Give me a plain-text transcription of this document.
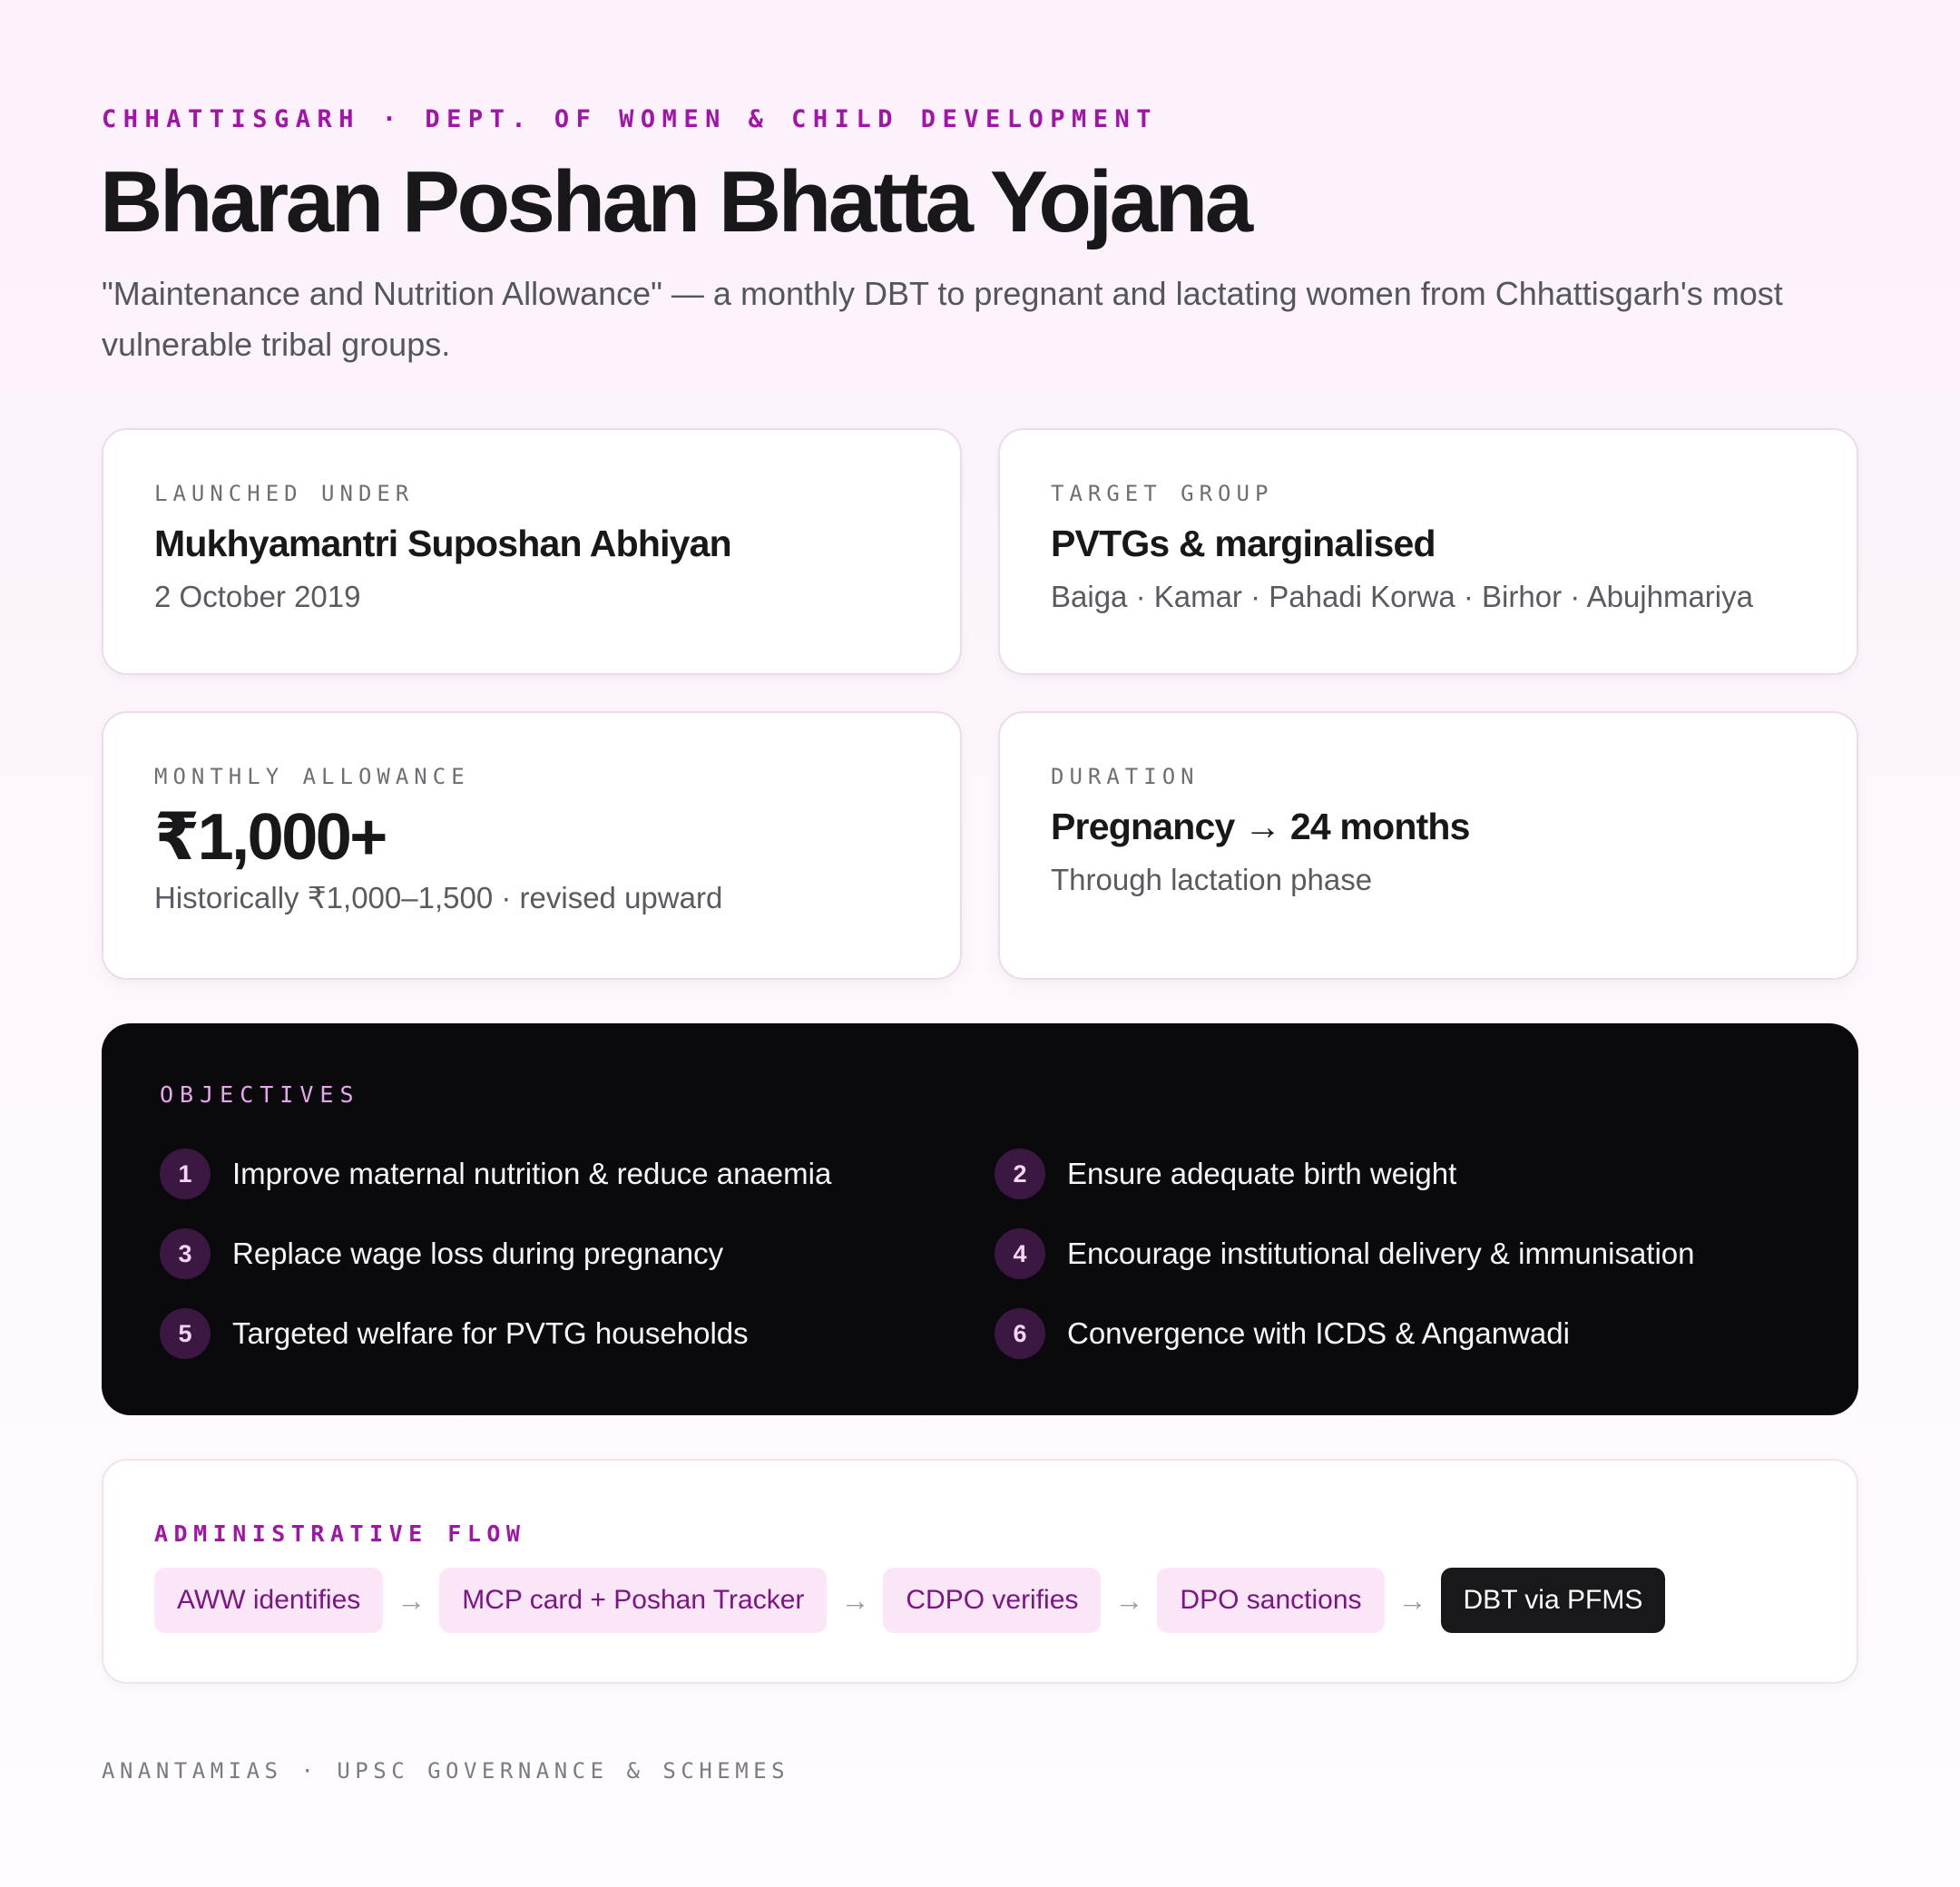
CHHATTISGARH · DEPT. OF WOMEN & CHILD DEVELOPMENT
Bharan Poshan Bhatta Yojana

"Maintenance and Nutrition Allowance" — a monthly DBT to pregnant and lactating women from Chhattisgarh's most vulnerable tribal groups.

LAUNCHED UNDER
Mukhyamantri Suposhan Abhiyan
2 October 2019
TARGET GROUP
PVTGs & marginalised
Baiga · Kamar · Pahadi Korwa · Birhor · Abujhmariya
MONTHLY ALLOWANCE
₹1,000+
Historically ₹1,000–1,500 · revised upward
DURATION
Pregnancy → 24 months
Through lactation phase
OBJECTIVES
1	Improve maternal nutrition & reduce anaemia	2	Ensure adequate birth weight
3	Replace wage loss during pregnancy	4	Encourage institutional delivery & immunisation
5	Targeted welfare for PVTG households	6	Convergence with ICDS & Anganwadi
ADMINISTRATIVE FLOW
AWW identifies	→	MCP card + Poshan Tracker	→	CDPO verifies	→	DPO sanctions	→	DBT via PFMS
ANANTAMIAS · UPSC GOVERNANCE & SCHEMES
